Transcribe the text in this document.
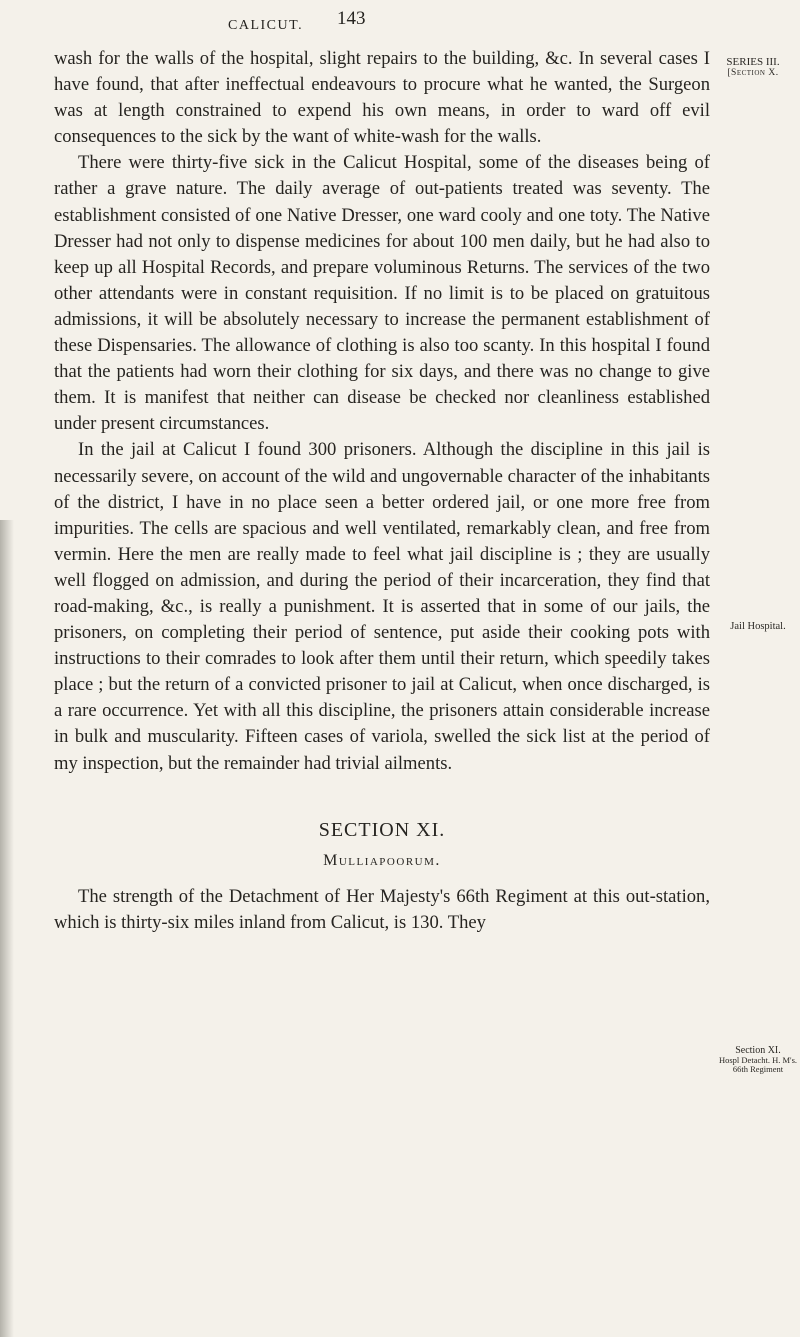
CALICUT. 143
SERIES III.
[Section X.
Jail Hospital.
Section XI.
Hospl Detacht. H. M's. 66th Regiment

wash for the walls of the hospital, slight repairs to the building, &c. In several cases I have found, that after ineffectual endeavours to procure what he wanted, the Surgeon was at length constrained to expend his own means, in order to ward off evil consequences to the sick by the want of white-wash for the walls.

There were thirty-five sick in the Calicut Hospital, some of the diseases being of rather a grave nature. The daily average of out-patients treated was seventy. The establishment consisted of one Native Dresser, one ward cooly and one toty. The Native Dresser had not only to dispense medicines for about 100 men daily, but he had also to keep up all Hospital Records, and prepare voluminous Returns. The services of the two other attendants were in constant requisition. If no limit is to be placed on gratuitous admissions, it will be absolutely necessary to increase the permanent establishment of these Dispensaries. The allowance of clothing is also too scanty. In this hospital I found that the patients had worn their clothing for six days, and there was no change to give them. It is manifest that neither can disease be checked nor cleanliness established under present circumstances.

In the jail at Calicut I found 300 prisoners. Although the discipline in this jail is necessarily severe, on account of the wild and ungovernable character of the inhabitants of the district, I have in no place seen a better ordered jail, or one more free from impurities. The cells are spacious and well ventilated, remarkably clean, and free from vermin. Here the men are really made to feel what jail discipline is ; they are usually well flogged on admission, and during the period of their incarceration, they find that road-making, &c., is really a punishment. It is asserted that in some of our jails, the prisoners, on completing their period of sentence, put aside their cooking pots with instructions to their comrades to look after them until their return, which speedily takes place ; but the return of a convicted prisoner to jail at Calicut, when once discharged, is a rare occurrence. Yet with all this discipline, the prisoners attain considerable increase in bulk and muscularity. Fifteen cases of variola, swelled the sick list at the period of my inspection, but the remainder had trivial ailments.

SECTION XI.
Mulliapoorum.

The strength of the Detachment of Her Majesty's 66th Regiment at this out-station, which is thirty-six miles inland from Calicut, is 130. They
